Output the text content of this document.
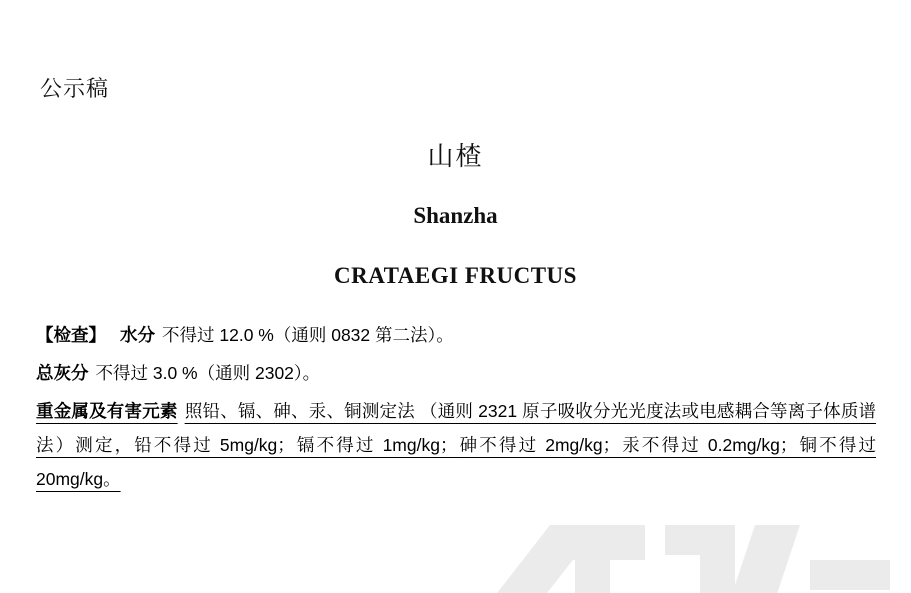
公示稿
山楂
Shanzha
CRATAEGI FRUCTUS

【检查】 水分 不得过 12.0 %（通则 0832 第二法）。

总灰分 不得过 3.0 %（通则 2302）。

重金属及有害元素 照铅、镉、砷、汞、铜测定法 （通则 2321 原子吸收分光光度法或电感耦合等离子体质谱法）测定，铅不得过 5mg/kg；镉不得过 1mg/kg；砷不得过 2mg/kg；汞不得过 0.2mg/kg；铜不得过 20mg/kg。
